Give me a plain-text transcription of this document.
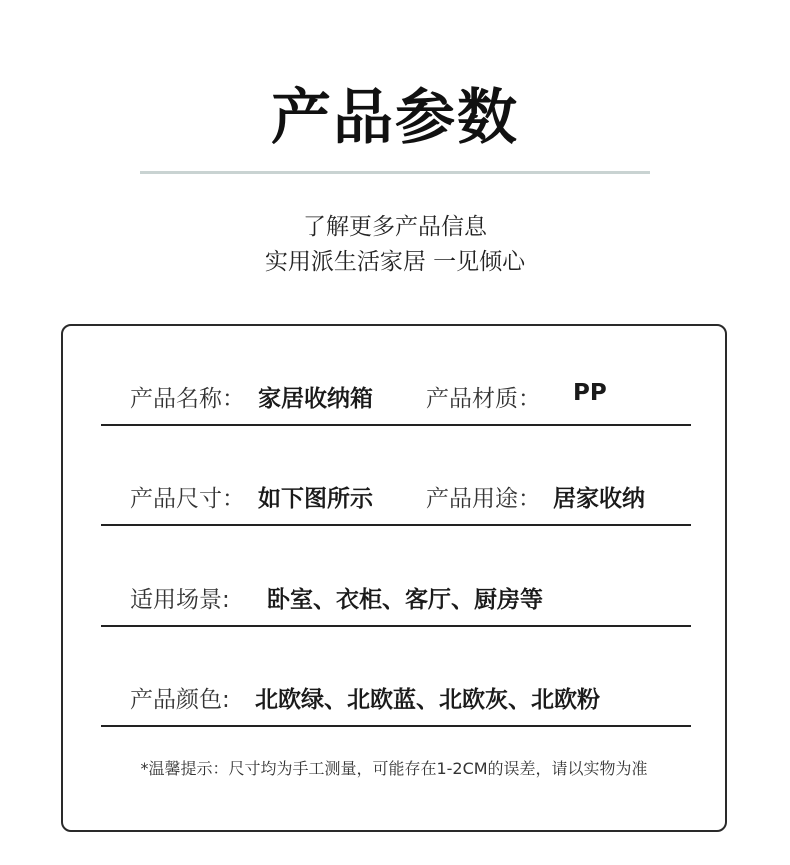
产品参数
了解更多产品信息
实用派生活家居 一见倾心
产品名称： 家居收纳箱 产品材质： PP
产品尺寸： 如下图所示 产品用途： 居家收纳
适用场景: 卧室、衣柜、客厅、厨房等
产品颜色: 北欧绿、北欧蓝、北欧灰、北欧粉
*温馨提示：尺寸均为手工测量，可能存在1-2CM的误差，请以实物为准
